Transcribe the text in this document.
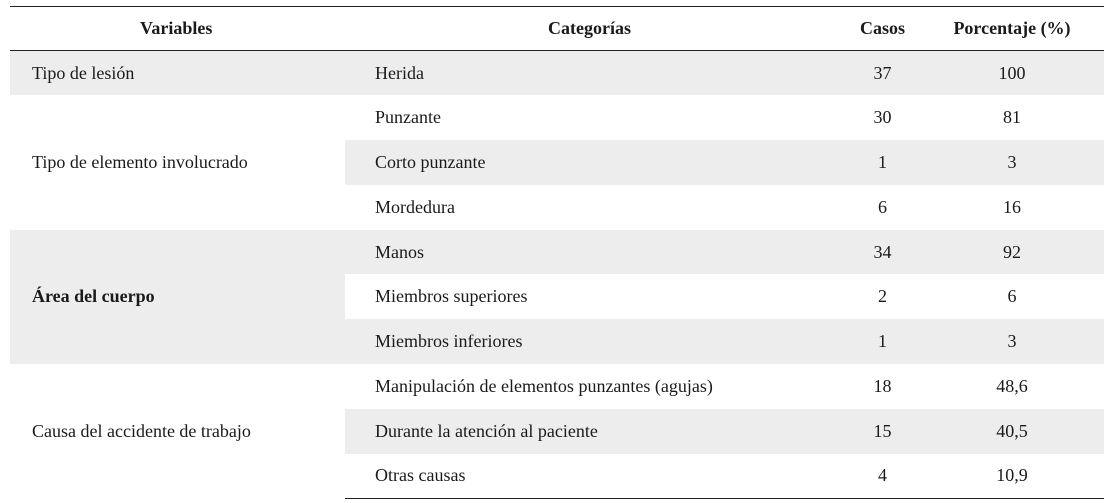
Variables	Categorías	Casos	Porcentaje (%)
Tipo de lesión	Herida	37	100
Tipo de elemento involucrado	Punzante	30	81
	Corto punzante	1	3
	Mordedura	6	16
Área del cuerpo	Manos	34	92
	Miembros superiores	2	6
	Miembros inferiores	1	3
Causa del accidente de trabajo	Manipulación de elementos punzantes (agujas)	18	48,6
	Durante la atención al paciente	15	40,5
	Otras causas	4	10,9
